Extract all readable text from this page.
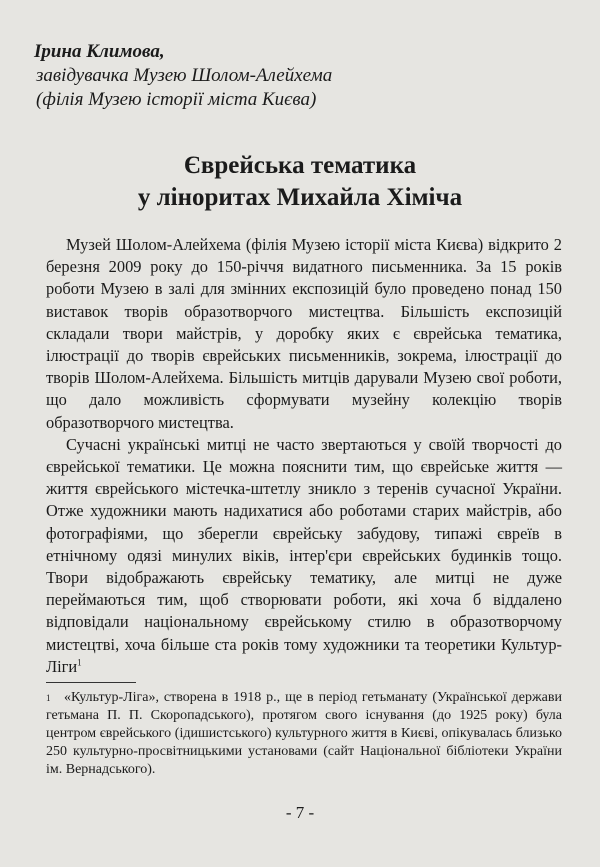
Ірина Климова,
завідувачка Музею Шолом-Алейхема
(філія Музею історії міста Києва)
Єврейська тематика
у ліноритах Михайла Хіміча

Музей Шолом-Алейхема (філія Музею історії міста Києва) відкрито 2 березня 2009 року до 150-річчя видатного письменника. За 15 років роботи Музею в залі для змінних експозицій було проведено понад 150 виставок творів образотворчого мистецтва. Більшість експозицій складали твори майстрів, у доробку яких є єврейська тематика, ілюстрації до творів єврейських письменників, зокрема, ілюстрації до творів Шолом-Алейхема. Більшість митців дарували Музею свої роботи, що дало можливість сформувати музейну колекцію творів образотворчого мистецтва.

Сучасні українські митці не часто звертаються у своїй творчості до єврейської тематики. Це можна пояснити тим, що єврейське життя — життя єврейського містечка-штетлу зникло з теренів сучасної України. Отже художники мають надихатися або роботами старих майстрів, або фотографіями, що зберегли єврейську забудову, типажі євреїв в етнічному одязі минулих віків, інтер'єри єврейських будинків тощо. Твори відображають єврейську тематику, але митці не дуже переймаються тим, щоб створювати роботи, які хоча б віддалено відповідали національному єврейському стилю в образотворчому мистецтві, хоча більше ста років тому художники та теоретики Культур-Ліги$^1$

1 «Культур-Ліга», створена в 1918 р., ще в період гетьманату (Української держави гетьмана П. П. Скоропадського), протягом свого існування (до 1925 року) була центром єврейського (ідишистського) культурного життя в Києві, опікувалась близько 250 культурно-просвітницькими установами (сайт Національної бібліотеки України ім. Вернадського).
- 7 -
